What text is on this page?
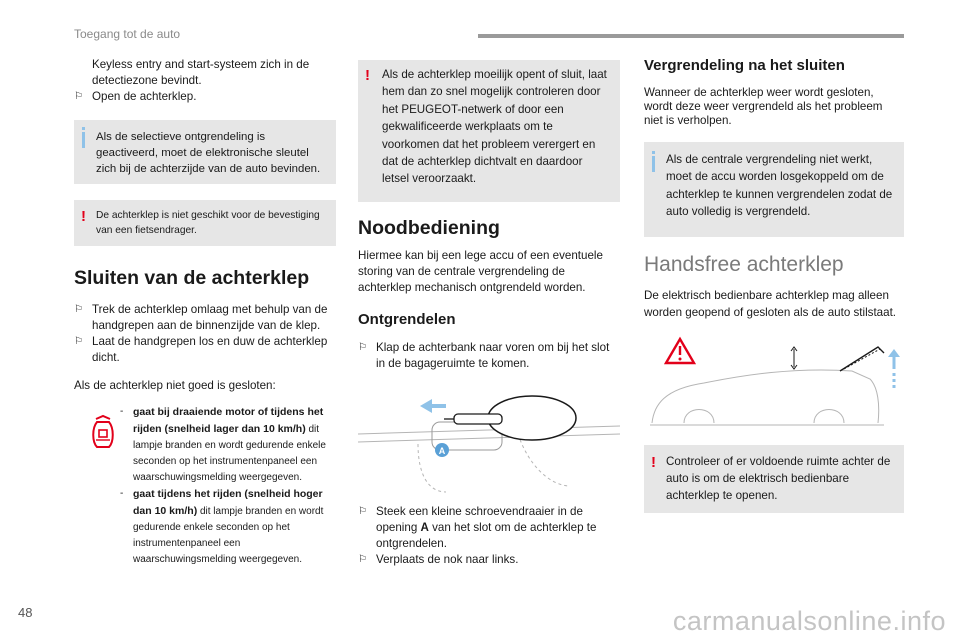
Toegang tot de auto

Keyless entry and start-systeem zich in de
detectiezone bevindt.

⚐ Open de achterklep.

Als de selectieve ontgrendeling is geactiveerd, moet de elektronische sleutel zich bij de achterzijde van de auto bevinden.

! De achterklep is niet geschikt voor de bevestiging van een fietsendrager.

Sluiten van de achterklep

⚐ Trek de achterklep omlaag met behulp van de handgrepen aan de binnenzijde van de klep.

⚐ Laat de handgrepen los en duw de achterklep dicht.

Als de achterklep niet goed is gesloten:

- gaat bij draaiende motor of tijdens het rijden (snelheid lager dan 10 km/h) dit lampje branden en wordt gedurende enkele seconden op het instrumentenpaneel een waarschuwingsmelding weergegeven.
- gaat tijdens het rijden (snelheid hoger dan 10 km/h) dit lampje branden en wordt gedurende enkele seconden op het instrumentenpaneel een waarschuwingsmelding weergegeven.
! Als de achterklep moeilijk opent of sluit, laat hem dan zo snel mogelijk controleren door het PEUGEOT-netwerk of door een gekwalificeerde werkplaats om te voorkomen dat het probleem verergert en dat de achterklep dichtvalt en daardoor letsel veroorzaakt.

Noodbediening

Hiermee kan bij een lege accu of een eventuele storing van de centrale vergrendeling de achterklep mechanisch ontgrendeld worden.

Ontgrendelen

⚐ Klap de achterbank naar voren om bij het slot in de bagageruimte te komen.

A

⚐ Steek een kleine schroevendraaier in de opening A van het slot om de achterklep te ontgrendelen.

⚐ Verplaats de nok naar links.

Vergrendeling na het sluiten

Wanneer de achterklep weer wordt gesloten, wordt deze weer vergrendeld als het probleem niet is verholpen.

Als de centrale vergrendeling niet werkt, moet de accu worden losgekoppeld om de achterklep te kunnen vergrendelen zodat de auto volledig is vergrendeld.

Handsfree achterklep

De elektrisch bedienbare achterklep mag alleen worden geopend of gesloten als de auto stilstaat.

! Controleer of er voldoende ruimte achter de auto is om de elektrisch bedienbare achterklep te openen.

48	carmanualsonline.info
